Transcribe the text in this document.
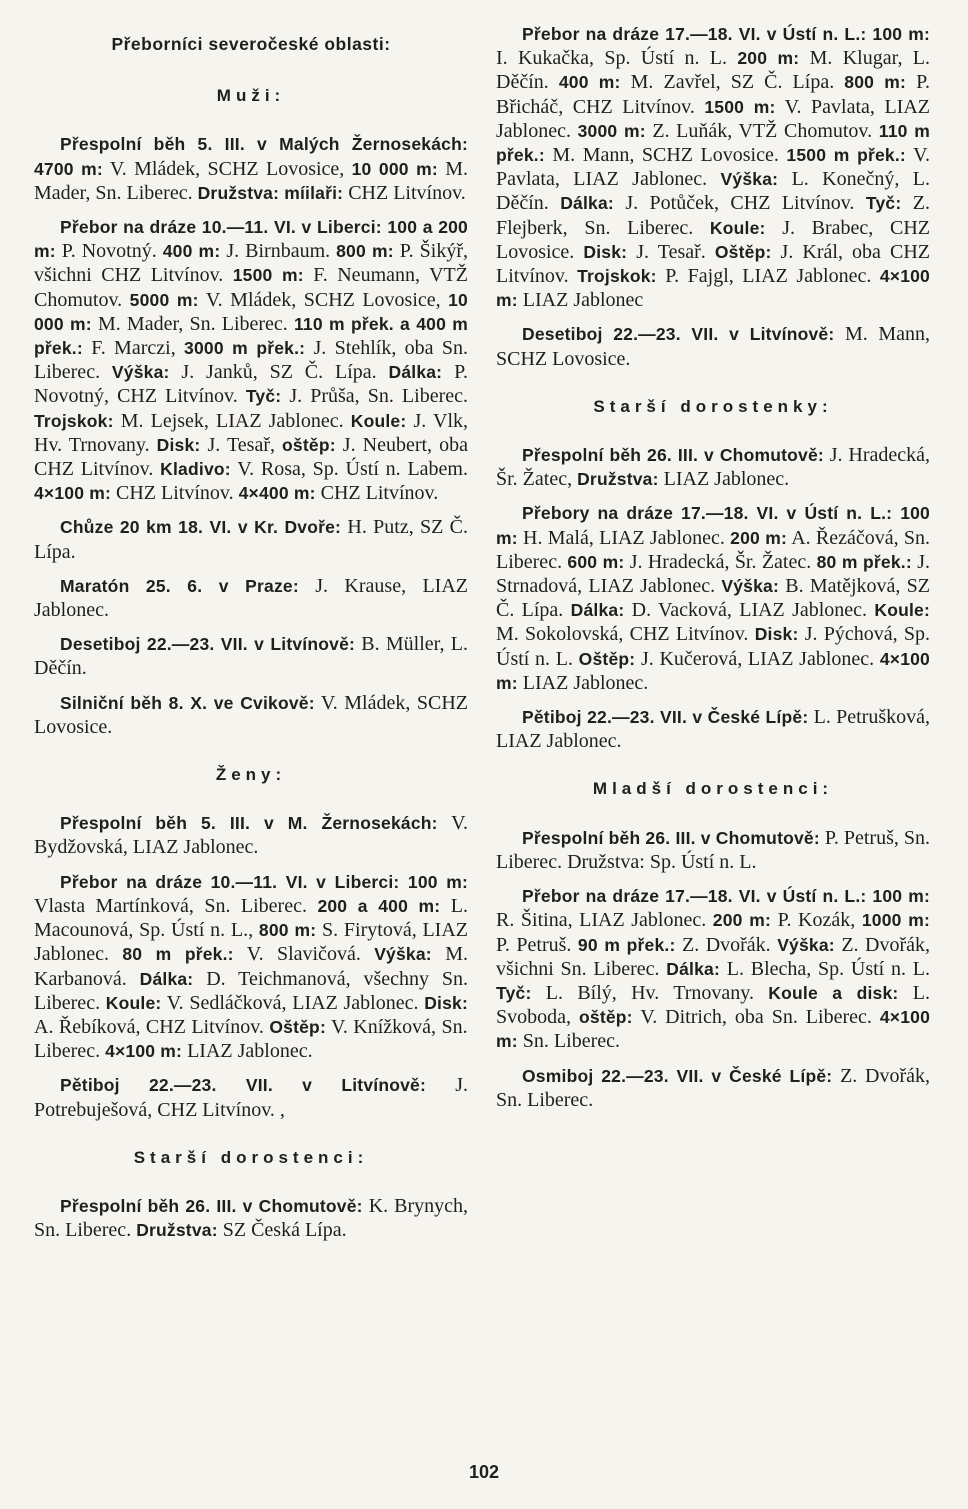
Přeborníci severočeské oblasti:
Muži:

Přespolní běh 5. III. v Malých Žernosekách: 4700 m: V. Mládek, SCHZ Lovosice, 10 000 m: M. Mader, Sn. Liberec. Družstva: míilaři: CHZ Litvínov.

Přebor na dráze 10.—11. VI. v Liberci: 100 a 200 m: P. Novotný. 400 m: J. Birnbaum. 800 m: P. Šikýř, všichni CHZ Litvínov. 1500 m: F. Neumann, VTŽ Chomutov. 5000 m: V. Mládek, SCHZ Lovosice, 10 000 m: M. Mader, Sn. Liberec. 110 m přek. a 400 m přek.: F. Marczi, 3000 m přek.: J. Stehlík, oba Sn. Liberec. Výška: J. Janků, SZ Č. Lípa. Dálka: P. Novotný, CHZ Litvínov. Tyč: J. Průša, Sn. Liberec. Trojskok: M. Lejsek, LIAZ Jablonec. Koule: J. Vlk, Hv. Trnovany. Disk: J. Tesař, oštěp: J. Neubert, oba CHZ Litvínov. Kladivo: V. Rosa, Sp. Ústí n. Labem. 4×100 m: CHZ Litvínov. 4×400 m: CHZ Litvínov.

Chůze 20 km 18. VI. v Kr. Dvoře: H. Putz, SZ Č. Lípa.

Maratón 25. 6. v Praze: J. Krause, LIAZ Jablonec.

Desetiboj 22.—23. VII. v Litvínově: B. Müller, L. Děčín.

Silniční běh 8. X. ve Cvikově: V. Mládek, SCHZ Lovosice.

Ženy:

Přespolní běh 5. III. v M. Žernosekách: V. Bydžovská, LIAZ Jablonec.

Přebor na dráze 10.—11. VI. v Liberci: 100 m: Vlasta Martínková, Sn. Liberec. 200 a 400 m: L. Macounová, Sp. Ústí n. L., 800 m: S. Firytová, LIAZ Jablonec. 80 m přek.: V. Slavičová. Výška: M. Karbanová. Dálka: D. Teichmanová, všechny Sn. Liberec. Koule: V. Sedláčková, LIAZ Jablonec. Disk: A. Řebíková, CHZ Litvínov. Oštěp: V. Knížková, Sn. Liberec. 4×100 m: LIAZ Jablonec.

Pětiboj 22.—23. VII. v Litvínově: J. Potrebuješová, CHZ Litvínov. ,

Starší dorostenci:

Přespolní běh 26. III. v Chomutově: K. Brynych, Sn. Liberec. Družstva: SZ Česká Lípa.

Přebor na dráze 17.—18. VI. v Ústí n. L.: 100 m: I. Kukačka, Sp. Ústí n. L. 200 m: M. Klugar, L. Děčín. 400 m: M. Zavřel, SZ Č. Lípa. 800 m: P. Břicháč, CHZ Litvínov. 1500 m: V. Pavlata, LIAZ Jablonec. 3000 m: Z. Luňák, VTŽ Chomutov. 110 m přek.: M. Mann, SCHZ Lovosice. 1500 m přek.: V. Pavlata, LIAZ Jablonec. Výška: L. Konečný, L. Děčín. Dálka: J. Potůček, CHZ Litvínov. Tyč: Z. Flejberk, Sn. Liberec. Koule: J. Brabec, CHZ Lovosice. Disk: J. Tesař. Oštěp: J. Král, oba CHZ Litvínov. Trojskok: P. Fajgl, LIAZ Jablonec. 4×100 m: LIAZ Jablonec

Desetiboj 22.—23. VII. v Litvínově: M. Mann, SCHZ Lovosice.

Starší dorostenky:

Přespolní běh 26. III. v Chomutově: J. Hradecká, Šr. Žatec, Družstva: LIAZ Jablonec.

Přebory na dráze 17.—18. VI. v Ústí n. L.: 100 m: H. Malá, LIAZ Jablonec. 200 m: A. Řezáčová, Sn. Liberec. 600 m: J. Hradecká, Šr. Žatec. 80 m přek.: J. Strnadová, LIAZ Jablonec. Výška: B. Matějková, SZ Č. Lípa. Dálka: D. Vacková, LIAZ Jablonec. Koule: M. Sokolovská, CHZ Litvínov. Disk: J. Pýchová, Sp. Ústí n. L. Oštěp: J. Kučerová, LIAZ Jablonec. 4×100 m: LIAZ Jablonec.

Pětiboj 22.—23. VII. v České Lípě: L. Petrušková, LIAZ Jablonec.

Mladší dorostenci:

Přespolní běh 26. III. v Chomutově: P. Petruš, Sn. Liberec. Družstva: Sp. Ústí n. L.

Přebor na dráze 17.—18. VI. v Ústí n. L.: 100 m: R. Šitina, LIAZ Jablonec. 200 m: P. Kozák, 1000 m: P. Petruš. 90 m přek.: Z. Dvořák. Výška: Z. Dvořák, všichni Sn. Liberec. Dálka: L. Blecha, Sp. Ústí n. L. Tyč: L. Bílý, Hv. Trnovany. Koule a disk: L. Svoboda, oštěp: V. Ditrich, oba Sn. Liberec. 4×100 m: Sn. Liberec.

Osmiboj 22.—23. VII. v České Lípě: Z. Dvořák, Sn. Liberec.

102
